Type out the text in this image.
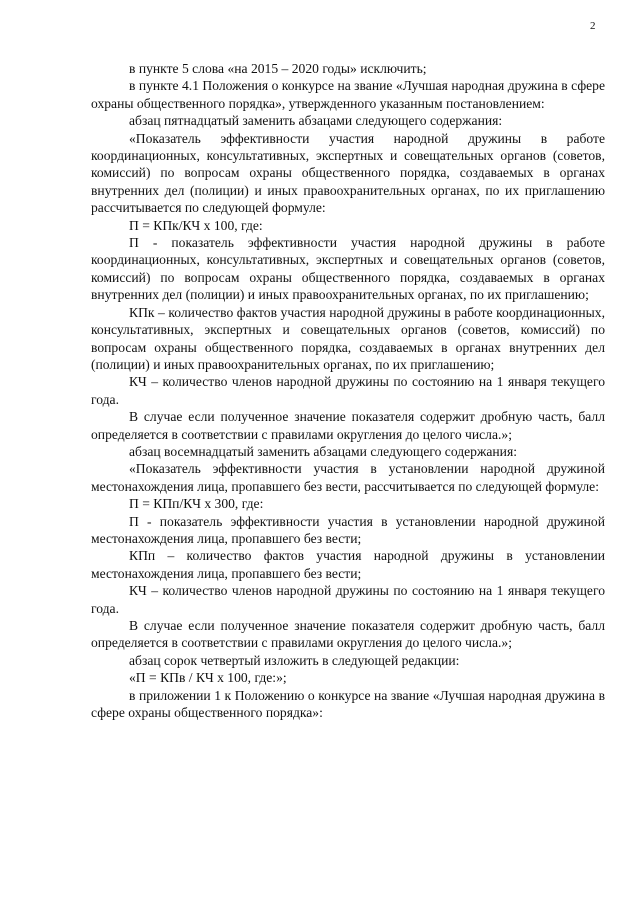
2

в пункте 5 слова «на 2015 – 2020 годы» исключить;

в пункте 4.1 Положения о конкурсе на звание «Лучшая народная дружина в сфере охраны общественного порядка», утвержденного указанным постановлением:

абзац пятнадцатый заменить абзацами следующего содержания:

«Показатель эффективности участия народной дружины в работе координационных, консультативных, экспертных и совещательных органов (советов, комиссий) по вопросам охраны общественного порядка, создаваемых в органах внутренних дел (полиции) и иных правоохранительных органах, по их приглашению рассчитывается по следующей формуле:

П = КПк/КЧ х 100, где:

П - показатель эффективности участия народной дружины в работе координационных, консультативных, экспертных и совещательных органов (советов, комиссий) по вопросам охраны общественного порядка, создаваемых в органах внутренних дел (полиции) и иных правоохранительных органах, по их приглашению;

КПк – количество фактов участия народной дружины в работе координационных, консультативных, экспертных и совещательных органов (советов, комиссий) по вопросам охраны общественного порядка, создаваемых в органах внутренних дел (полиции) и иных правоохранительных органах, по их приглашению;

КЧ – количество членов народной дружины по состоянию на 1 января текущего года.

В случае если полученное значение показателя содержит дробную часть, балл определяется в соответствии с правилами округления до целого числа.»;

абзац восемнадцатый заменить абзацами следующего содержания:

«Показатель эффективности участия в установлении народной дружиной местонахождения лица, пропавшего без вести, рассчитывается по следующей формуле:

П = КПп/КЧ х 300, где:

П - показатель эффективности участия в установлении народной дружиной местонахождения лица, пропавшего без вести;

КПп – количество фактов участия народной дружины в установлении местонахождения лица, пропавшего без вести;

КЧ – количество членов народной дружины по состоянию на 1 января текущего года.

В случае если полученное значение показателя содержит дробную часть, балл определяется в соответствии с правилами округления до целого числа.»;

абзац сорок четвертый изложить в следующей редакции:

«П = КПв / КЧ х 100, где:»;

в приложении 1 к Положению о конкурсе на звание «Лучшая народная дружина в сфере охраны общественного порядка»:
